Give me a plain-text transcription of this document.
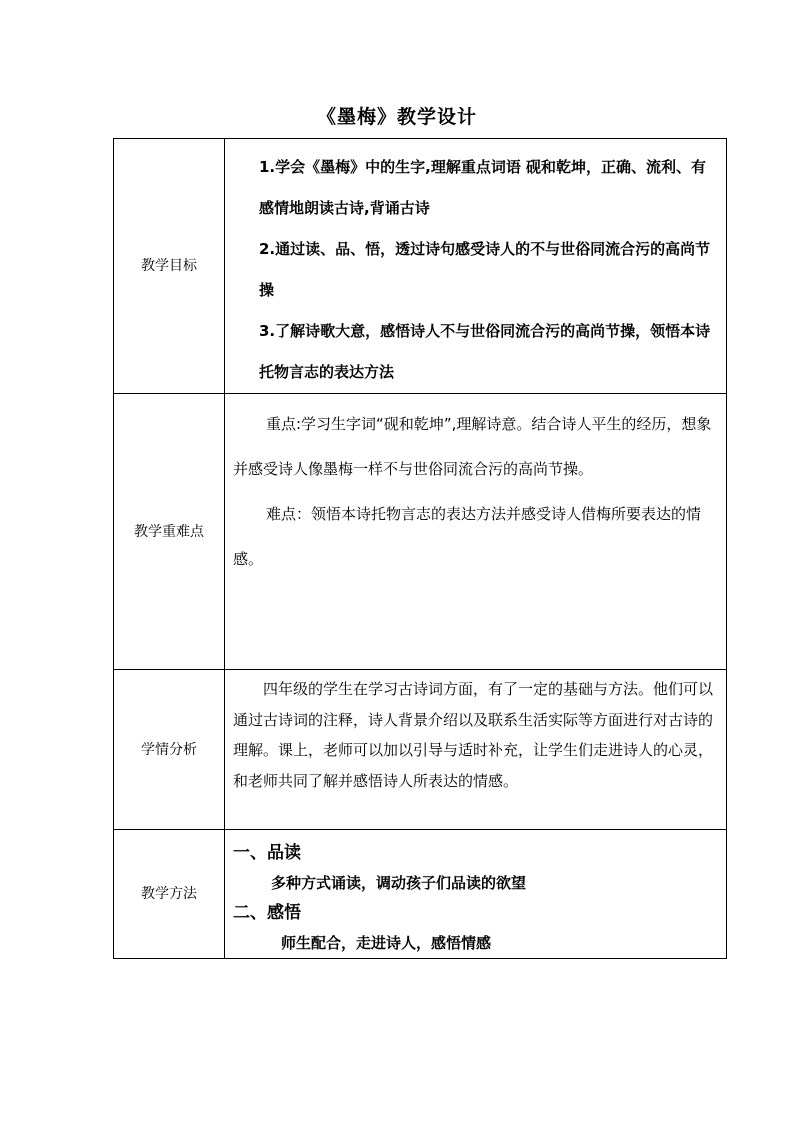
《墨梅》教学设计
教学目标	1.学会《墨梅》中的生字,理解重点词语 砚和乾坤，正确、流利、有感情地朗读古诗,背诵古诗

2.通过读、品、悟，透过诗句感受诗人的不与世俗同流合污的高尚节操

3.了解诗歌大意，感悟诗人不与世俗同流合污的高尚节操，领悟本诗托物言志的表达方法

教学重难点	重点:学习生字词“砚和乾坤”,理解诗意。结合诗人平生的经历，想象并感受诗人像墨梅一样不与世俗同流合污的高尚节操。

难点：领悟本诗托物言志的表达方法并感受诗人借梅所要表达的情感。

学情分析	四年级的学生在学习古诗词方面，有了一定的基础与方法。他们可以通过古诗词的注释，诗人背景介绍以及联系生活实际等方面进行对古诗的理解。课上，老师可以加以引导与适时补充，让学生们走进诗人的心灵，和老师共同了解并感悟诗人所表达的情感。

教学方法	一、品读

多种方式诵读，调动孩子们品读的欲望

二、感悟

师生配合，走进诗人，感悟情感
